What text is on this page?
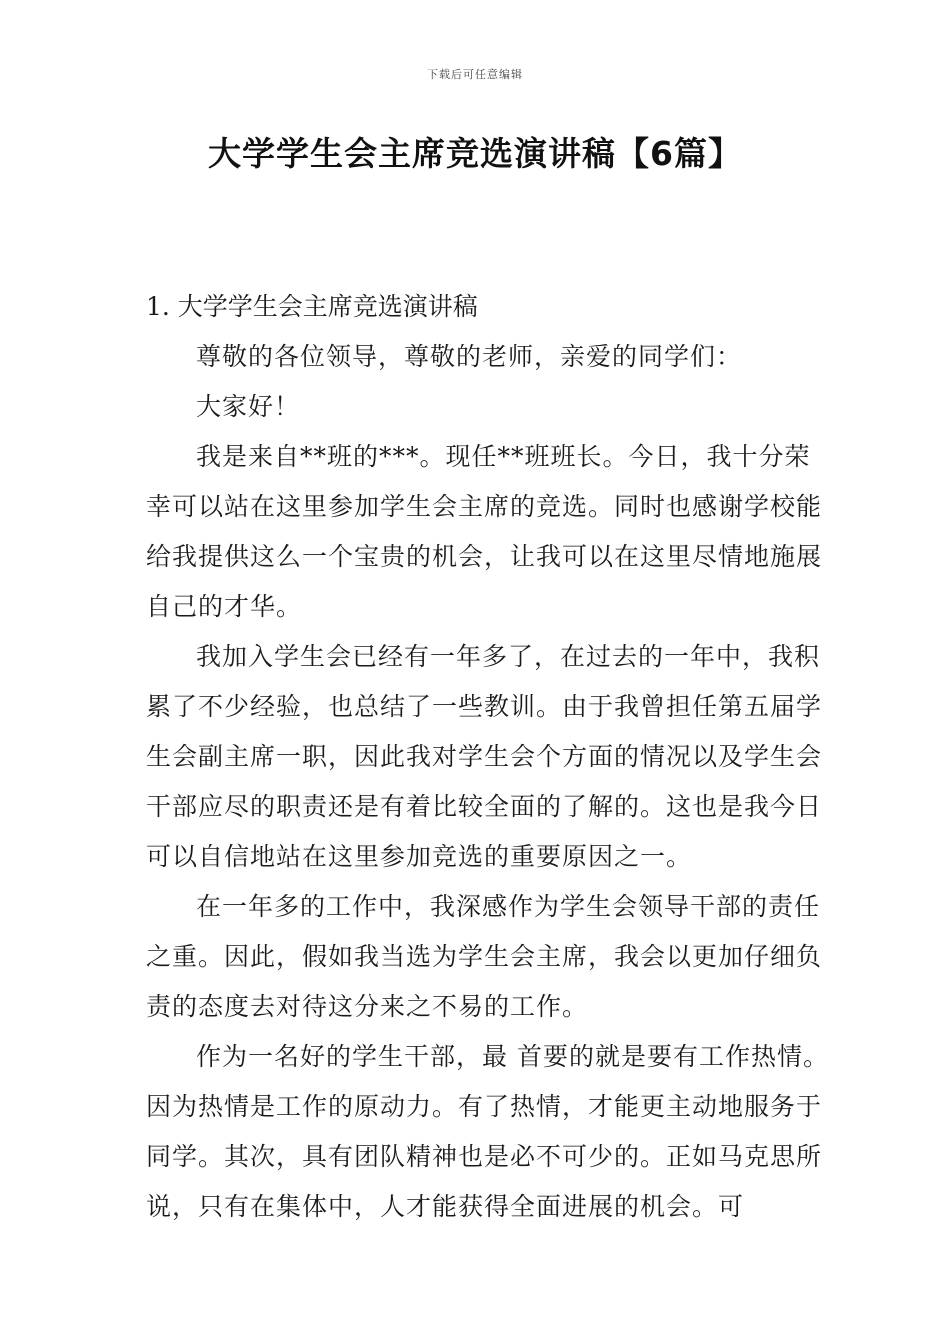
下载后可任意编辑
大学学生会主席竞选演讲稿【6篇】

1. 大学学生会主席竞选演讲稿

尊敬的各位领导，尊敬的老师，亲爱的同学们：

大家好！

我是来自**班的***。现任**班班长。今日，我十分荣幸可以站在这里参加学生会主席的竞选。同时也感谢学校能给我提供这么一个宝贵的机会，让我可以在这里尽情地施展自己的才华。

我加入学生会已经有一年多了，在过去的一年中，我积累了不少经验，也总结了一些教训。由于我曾担任第五届学生会副主席一职，因此我对学生会个方面的情况以及学生会干部应尽的职责还是有着比较全面的了解的。这也是我今日可以自信地站在这里参加竞选的重要原因之一。

在一年多的工作中，我深感作为学生会领导干部的责任之重。因此，假如我当选为学生会主席，我会以更加仔细负责的态度去对待这分来之不易的工作。

作为一名好的学生干部，最 首要的就是要有工作热情。因为热情是工作的原动力。有了热情，才能更主动地服务于同学。其次，具有团队精神也是必不可少的。正如马克思所说，只有在集体中，人才能获得全面进展的机会。可
